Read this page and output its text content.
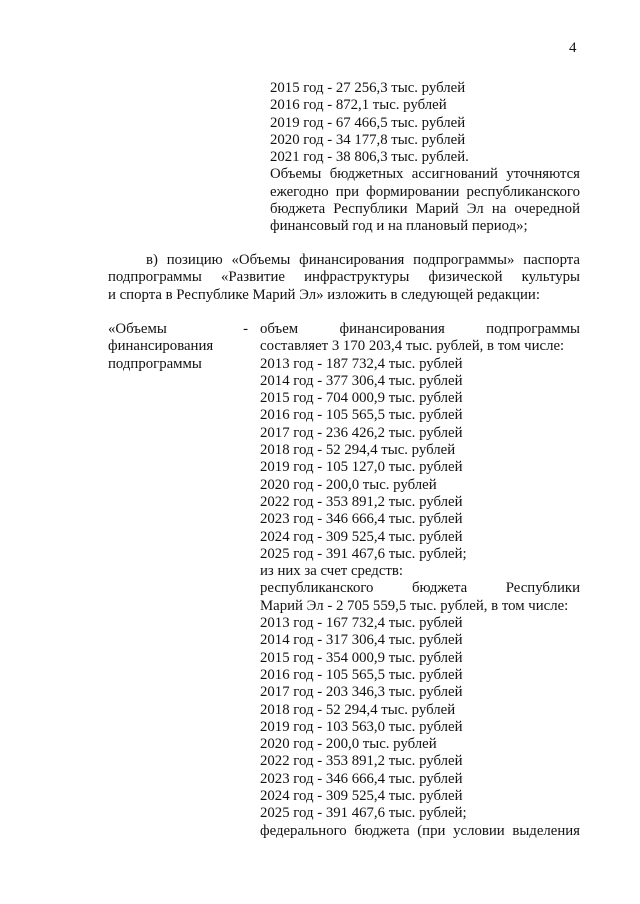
4
2015 год - 27 256,3 тыс. рублей
2016 год - 872,1 тыс. рублей
2019 год - 67 466,5 тыс. рублей
2020 год - 34 177,8 тыс. рублей
2021 год - 38 806,3 тыс. рублей.
Объемы бюджетных ассигнований уточняются
ежегодно при формировании республиканского
бюджета Республики Марий Эл на очередной
финансовый год и на плановый период»;
в) позицию «Объемы финансирования подпрограммы» паспорта
подпрограммы «Развитие инфраструктуры физической культуры
и спорта в Республике Марий Эл» изложить в следующей редакции:
«Объемы	-
финансирования
подпрограммы
объем финансирования подпрограммы
составляет 3 170 203,4 тыс. рублей, в том числе:
2013 год - 187 732,4 тыс. рублей
2014 год - 377 306,4 тыс. рублей
2015 год - 704 000,9 тыс. рублей
2016 год - 105 565,5 тыс. рублей
2017 год - 236 426,2 тыс. рублей
2018 год - 52 294,4 тыс. рублей
2019 год - 105 127,0 тыс. рублей
2020 год - 200,0 тыс. рублей
2022 год - 353 891,2 тыс. рублей
2023 год - 346 666,4 тыс. рублей
2024 год - 309 525,4 тыс. рублей
2025 год - 391 467,6 тыс. рублей;
из них за счет средств:
республиканского бюджета Республики
Марий Эл - 2 705 559,5 тыс. рублей, в том числе:
2013 год - 167 732,4 тыс. рублей
2014 год - 317 306,4 тыс. рублей
2015 год - 354 000,9 тыс. рублей
2016 год - 105 565,5 тыс. рублей
2017 год - 203 346,3 тыс. рублей
2018 год - 52 294,4 тыс. рублей
2019 год - 103 563,0 тыс. рублей
2020 год - 200,0 тыс. рублей
2022 год - 353 891,2 тыс. рублей
2023 год - 346 666,4 тыс. рублей
2024 год - 309 525,4 тыс. рублей
2025 год - 391 467,6 тыс. рублей;
федерального бюджета (при условии выделения
